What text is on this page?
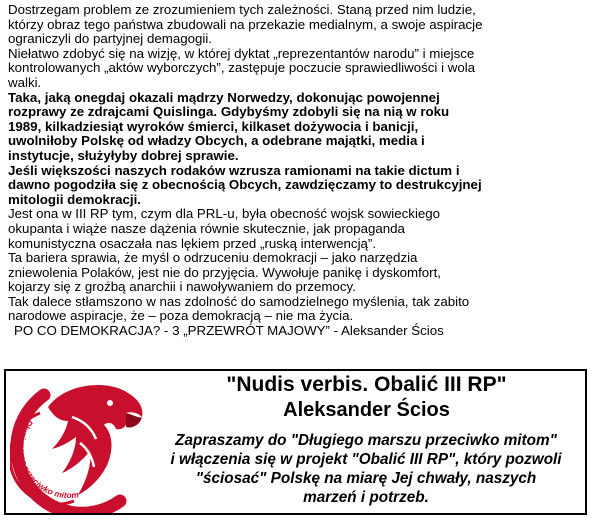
Dostrzegam problem ze zrozumieniem tych zależności. Staną przed nim ludzie,
którzy obraz tego państwa zbudowali na przekazie medialnym, a swoje aspiracje
ograniczyli do partyjnej demagogii.

Niełatwo zdobyć się na wizję, w której dyktat „reprezentantów narodu” i miejsce
kontrolowanych „aktów wyborczych”, zastępuje poczucie sprawiedliwości i wola
walki.

Taka, jaką onegdaj okazali mądrzy Norwedzy, dokonując powojennej
rozprawy ze zdrajcami Quislinga. Gdybyśmy zdobyli się na nią w roku
1989, kilkadziesiąt wyroków śmierci, kilkaset dożywocia i banicji,
uwolniłoby Polskę od władzy Obcych, a odebrane majątki, media i
instytucje, służyłyby dobrej sprawie.

Jeśli większości naszych rodaków wzrusza ramionami na takie dictum i
dawno pogodziła się z obecnością Obcych, zawdzięczamy to destrukcyjnej
mitologii demokracji.

Jest ona w III RP tym, czym dla PRL-u, była obecność wojsk sowieckiego
okupanta i wiąże nasze dążenia równie skutecznie, jak propaganda
komunistyczna osaczała nas lękiem przed „ruską interwencją”.

Ta bariera sprawia, że myśl o odrzuceniu demokracji – jako narzędzia
zniewolenia Polaków, jest nie do przyjęcia. Wywołuje panikę i dyskomfort,
kojarzy się z groźbą anarchii i nawoływaniem do przemocy.

Tak dalece stłamszono w nas zdolność do samodzielnego myślenia, tak zabito
narodowe aspiracje, że – poza demokracją – nie ma życia.

PO CO DEMOKRACJA? - 3 „PRZEWRÓT MAJOWY” - Aleksander Ścios

Długi marsz przeciwko mitom
"Nudis verbis. Obalić III RP"
Aleksander Ścios
Zapraszamy do "Długiego marszu przeciwko mitom"
i włączenia się w projekt "Obalić III RP", który pozwoli
"ściosać" Polskę na miarę Jej chwały, naszych
marzeń i potrzeb.
